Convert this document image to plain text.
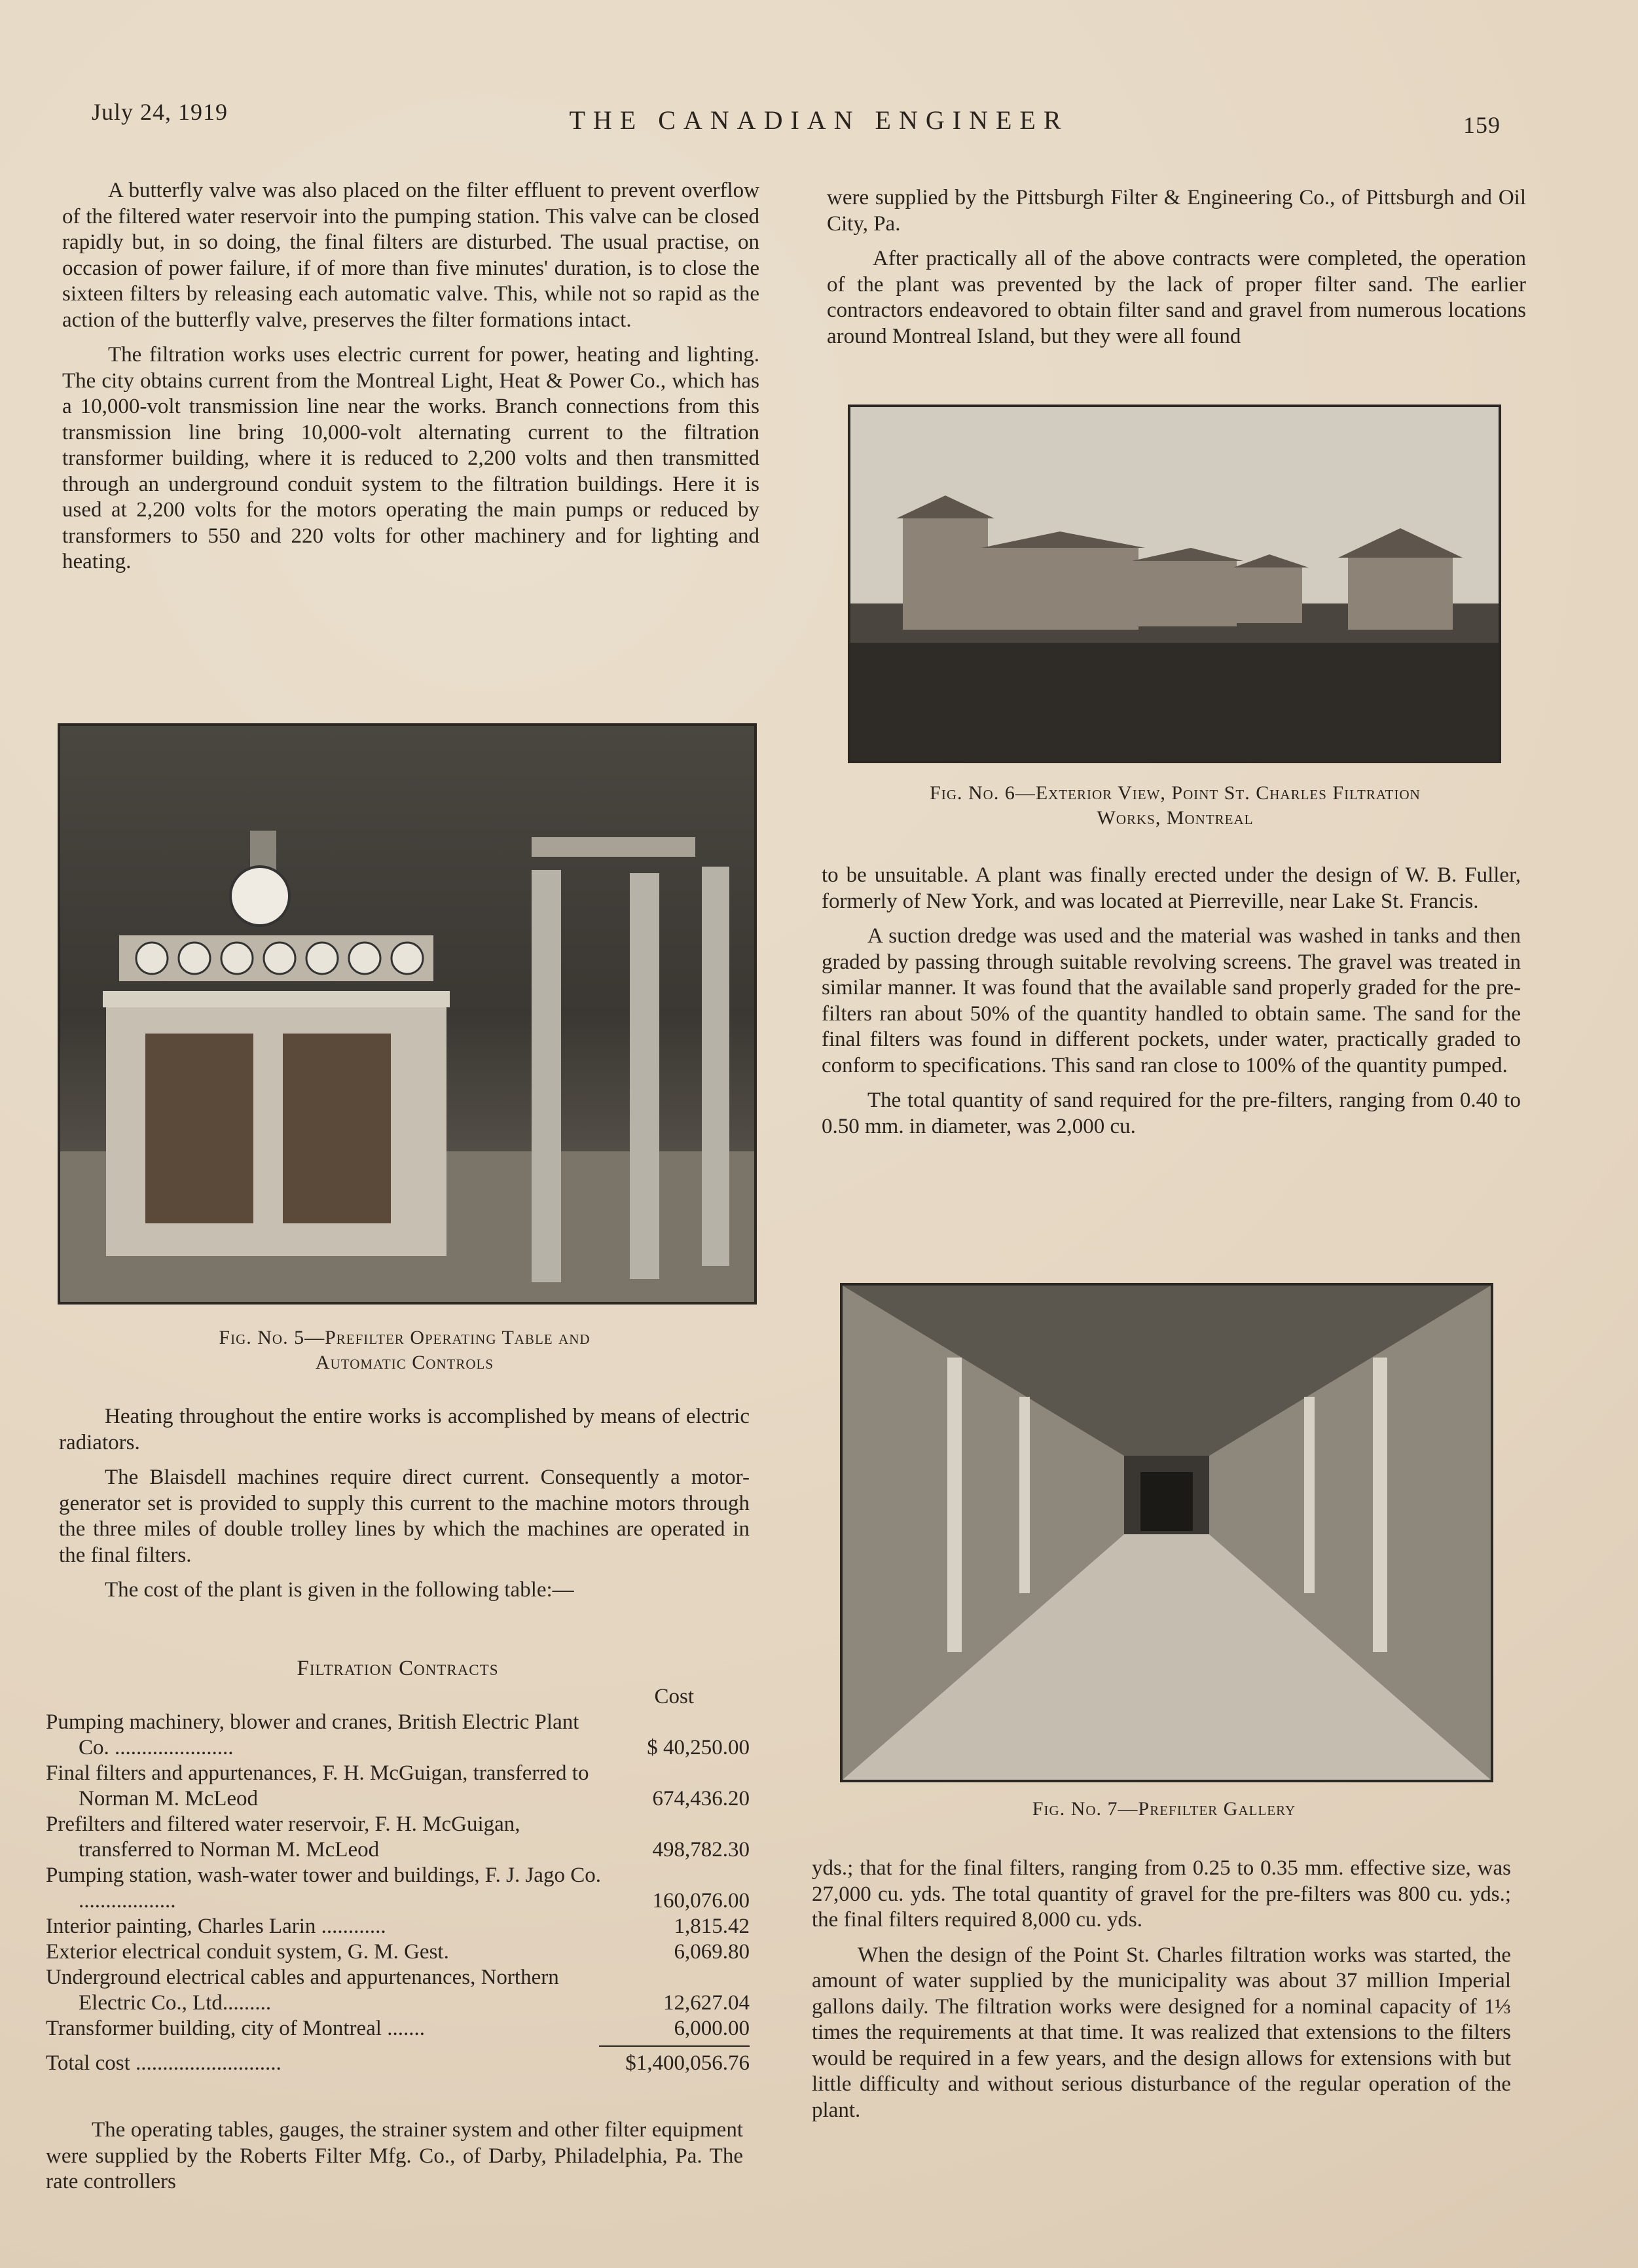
July 24, 1919	THE CANADIAN ENGINEER	159

A butterfly valve was also placed on the filter effluent to prevent overflow of the filtered water reservoir into the pumping station. This valve can be closed rapidly but, in so doing, the final filters are disturbed. The usual practise, on occasion of power failure, if of more than five minutes' duration, is to close the sixteen filters by releasing each automatic valve. This, while not so rapid as the action of the butterfly valve, preserves the filter formations intact.

The filtration works uses electric current for power, heating and lighting. The city obtains current from the Montreal Light, Heat & Power Co., which has a 10,000-volt transmission line near the works. Branch connections from this transmission line bring 10,000-volt alternating current to the filtration transformer building, where it is reduced to 2,200 volts and then transmitted through an underground conduit system to the filtration buildings. Here it is used at 2,200 volts for the motors operating the main pumps or reduced by transformers to 550 and 220 volts for other machinery and for lighting and heating.

Fig. No. 5—Prefilter Operating Table and
Automatic Controls

Heating throughout the entire works is accomplished by means of electric radiators.

The Blaisdell machines require direct current. Consequently a motor-generator set is provided to supply this current to the machine motors through the three miles of double trolley lines by which the machines are operated in the final filters.

The cost of the plant is given in the following table:—

Filtration Contracts
Cost
Pumping machinery, blower and cranes, British Electric Plant Co. ......................	$ 40,250.00
Final filters and appurtenances, F. H. McGuigan, transferred to Norman M. McLeod	674,436.20
Prefilters and filtered water reservoir, F. H. McGuigan, transferred to Norman M. McLeod	498,782.30
Pumping station, wash-water tower and buildings, F. J. Jago Co. ..................	160,076.00
Interior painting, Charles Larin ............	1,815.42
Exterior electrical conduit system, G. M. Gest.	6,069.80
Underground electrical cables and appurtenances, Northern Electric Co., Ltd.........	12,627.04
Transformer building, city of Montreal .......	6,000.00
Total cost ...........................	$1,400,056.76

The operating tables, gauges, the strainer system and other filter equipment were supplied by the Roberts Filter Mfg. Co., of Darby, Philadelphia, Pa. The rate controllers

were supplied by the Pittsburgh Filter & Engineering Co., of Pittsburgh and Oil City, Pa.

After practically all of the above contracts were completed, the operation of the plant was prevented by the lack of proper filter sand. The earlier contractors endeavored to obtain filter sand and gravel from numerous locations around Montreal Island, but they were all found

Fig. No. 6—Exterior View, Point St. Charles Filtration
Works, Montreal

to be unsuitable. A plant was finally erected under the design of W. B. Fuller, formerly of New York, and was located at Pierreville, near Lake St. Francis.

A suction dredge was used and the material was washed in tanks and then graded by passing through suitable revolving screens. The gravel was treated in similar manner. It was found that the available sand properly graded for the pre-filters ran about 50% of the quantity handled to obtain same. The sand for the final filters was found in different pockets, under water, practically graded to conform to specifications. This sand ran close to 100% of the quantity pumped.

The total quantity of sand required for the pre-filters, ranging from 0.40 to 0.50 mm. in diameter, was 2,000 cu.

Fig. No. 7—Prefilter Gallery

yds.; that for the final filters, ranging from 0.25 to 0.35 mm. effective size, was 27,000 cu. yds. The total quantity of gravel for the pre-filters was 800 cu. yds.; the final filters required 8,000 cu. yds.

When the design of the Point St. Charles filtration works was started, the amount of water supplied by the municipality was about 37 million Imperial gallons daily. The filtration works were designed for a nominal capacity of 1⅓ times the requirements at that time. It was realized that extensions to the filters would be required in a few years, and the design allows for extensions with but little difficulty and without serious disturbance of the regular operation of the plant.
